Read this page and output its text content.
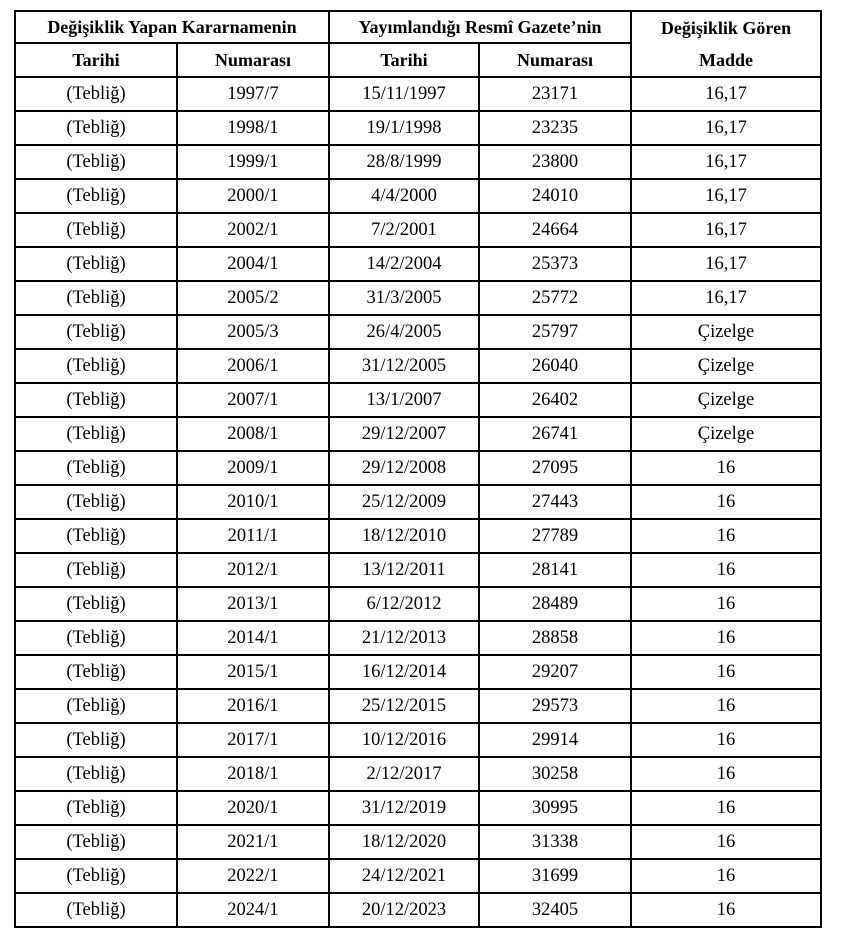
Değişiklik Yapan Kararnamenin		Yayımlandığı Resmî Gazete’nin		Değişiklik Gören
Madde

Tarihi	Numarası	Tarihi	Numarası	
(Tebliğ)	1997/7	15/11/1997	23171	16,17
(Tebliğ)	1998/1	19/1/1998	23235	16,17
(Tebliğ)	1999/1	28/8/1999	23800	16,17
(Tebliğ)	2000/1	4/4/2000	24010	16,17
(Tebliğ)	2002/1	7/2/2001	24664	16,17
(Tebliğ)	2004/1	14/2/2004	25373	16,17
(Tebliğ)	2005/2	31/3/2005	25772	16,17
(Tebliğ)	2005/3	26/4/2005	25797	Çizelge
(Tebliğ)	2006/1	31/12/2005	26040	Çizelge
(Tebliğ)	2007/1	13/1/2007	26402	Çizelge
(Tebliğ)	2008/1	29/12/2007	26741	Çizelge
(Tebliğ)	2009/1	29/12/2008	27095	16
(Tebliğ)	2010/1	25/12/2009	27443	16
(Tebliğ)	2011/1	18/12/2010	27789	16
(Tebliğ)	2012/1	13/12/2011	28141	16
(Tebliğ)	2013/1	6/12/2012	28489	16
(Tebliğ)	2014/1	21/12/2013	28858	16
(Tebliğ)	2015/1	16/12/2014	29207	16
(Tebliğ)	2016/1	25/12/2015	29573	16
(Tebliğ)	2017/1	10/12/2016	29914	16
(Tebliğ)	2018/1	2/12/2017	30258	16
(Tebliğ)	2020/1	31/12/2019	30995	16
(Tebliğ)	2021/1	18/12/2020	31338	16
(Tebliğ)	2022/1	24/12/2021	31699	16
(Tebliğ)	2024/1	20/12/2023	32405	16
